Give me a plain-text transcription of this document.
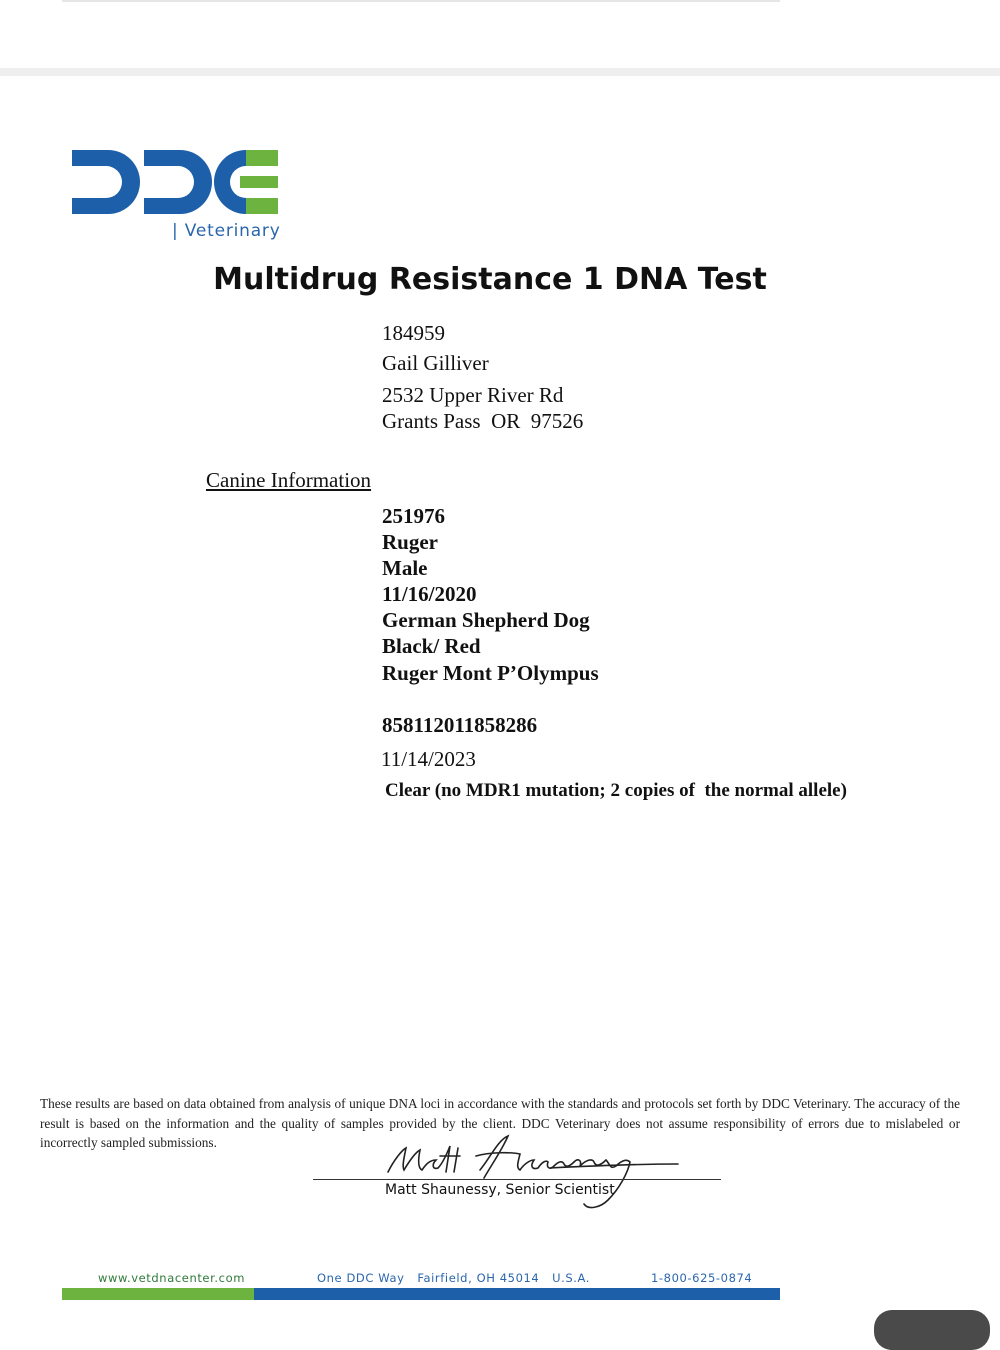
| Veterinary
Multidrug Resistance 1 DNA Test
184959
Gail Gilliver
2532 Upper River Rd
Grants Pass  OR  97526
Canine Information
251976
Ruger
Male
11/16/2020
German Shepherd Dog
Black/ Red
Ruger Mont P’Olympus
858112011858286
11/14/2023
Clear (no MDR1 mutation; 2 copies of  the normal allele)
These results are based on data obtained from analysis of unique DNA loci in accordance with the standards and protocols set forth by DDC Veterinary. The accuracy of the result is based on the information and the quality of samples provided by the client. DDC Veterinary does not assume responsibility of errors due to mislabeled or incorrectly sampled submissions.
Matt Shaunessy, Senior Scientist
www.vetdnacenter.com	One DDC Way   Fairfield, OH 45014   U.S.A.	1-800-625-0874
